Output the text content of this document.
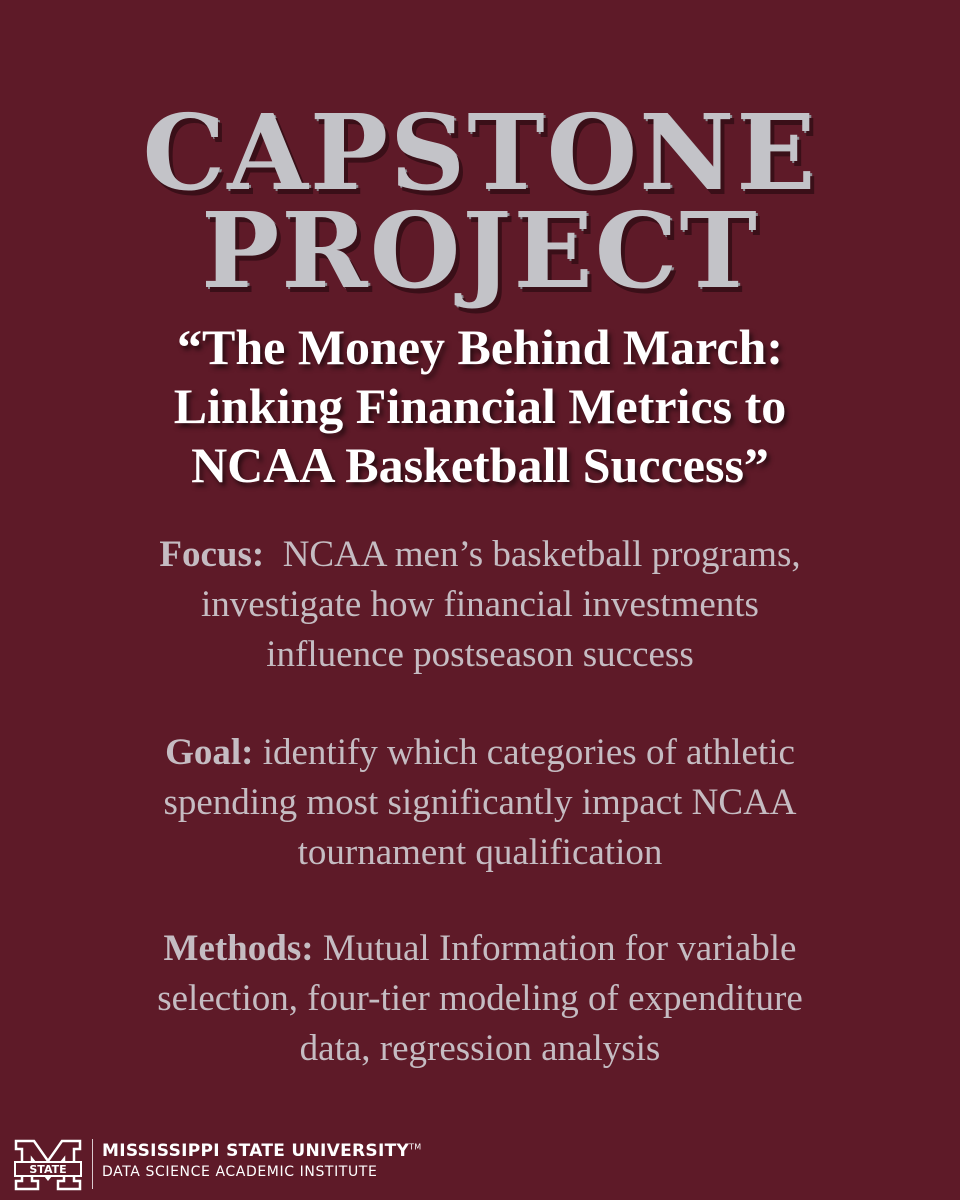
CAPSTONE
PROJECT
“The Money Behind March:
Linking Financial Metrics to
NCAA Basketball Success”

Focus: NCAA men’s basketball programs,
investigate how financial investments
influence postseason success

Goal: identify which categories of athletic
spending most significantly impact NCAA
tournament qualification

Methods: Mutual Information for variable
selection, four-tier modeling of expenditure
data, regression analysis

STATE
MISSISSIPPI STATE UNIVERSITY™
DATA SCIENCE ACADEMIC INSTITUTE
